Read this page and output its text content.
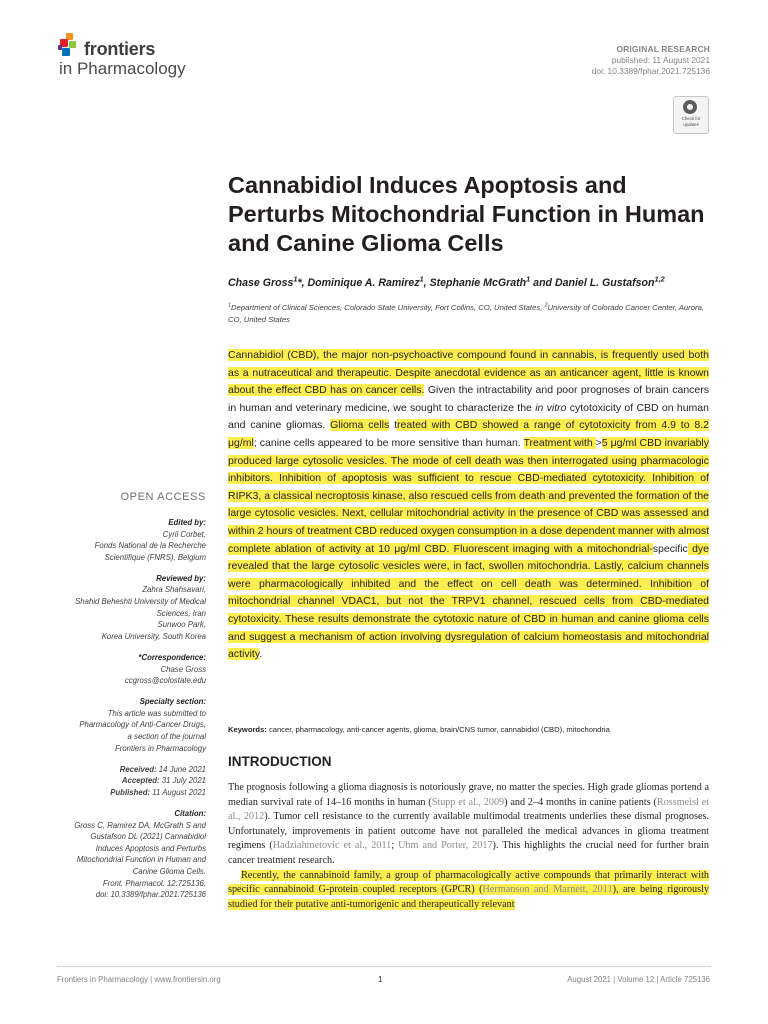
frontiers
in Pharmacology
ORIGINAL RESEARCH
published: 11 August 2021
doi: 10.3389/fphar.2021.725136
Check for updates
Cannabidiol Induces Apoptosis and Perturbs Mitochondrial Function in Human and Canine Glioma Cells
Chase Gross$^1$*, Dominique A. Ramirez$^1$, Stephanie McGrath$^1$ and Daniel L. Gustafson$^{1,2}$
$^1$Department of Clinical Sciences, Colorado State University, Fort Collins, CO, United States, $^2$University of Colorado Cancer Center, Aurora, CO, United States

Cannabidiol (CBD), the major non-psychoactive compound found in cannabis, is frequently used both as a nutraceutical and therapeutic. Despite anecdotal evidence as an anticancer agent, little is known about the effect CBD has on cancer cells. Given the intractability and poor prognoses of brain cancers in human and veterinary medicine, we sought to characterize the in vitro cytotoxicity of CBD on human and canine gliomas. Glioma cells treated with CBD showed a range of cytotoxicity from 4.9 to 8.2 μg/ml; canine cells appeared to be more sensitive than human. Treatment with >5 μg/ml CBD invariably produced large cytosolic vesicles. The mode of cell death was then interrogated using pharmacologic inhibitors. Inhibition of apoptosis was sufficient to rescue CBD-mediated cytotoxicity. Inhibition of RIPK3, a classical necroptosis kinase, also rescued cells from death and prevented the formation of the large cytosolic vesicles. Next, cellular mitochondrial activity in the presence of CBD was assessed and within 2 hours of treatment CBD reduced oxygen consumption in a dose dependent manner with almost complete ablation of activity at 10 μg/ml CBD. Fluorescent imaging with a mitochondrial-specific dye revealed that the large cytosolic vesicles were, in fact, swollen mitochondria. Lastly, calcium channels were pharmacologically inhibited and the effect on cell death was determined. Inhibition of mitochondrial channel VDAC1, but not the TRPV1 channel, rescued cells from CBD-mediated cytotoxicity. These results demonstrate the cytotoxic nature of CBD in human and canine glioma cells and suggest a mechanism of action involving dysregulation of calcium homeostasis and mitochondrial activity.

Keywords: cancer, pharmacology, anti-cancer agents, glioma, brain/CNS tumor, cannabidiol (CBD), mitochondria
OPEN ACCESS
Edited by:
Cyril Corbet,
Fonds National de la Recherche
Scientifique (FNRS), Belgium
Reviewed by:
Zahra Shahsavari,
Shahid Beheshti University of Medical
Sciences, Iran
Sunwoo Park,
Korea University, South Korea
*Correspondence:
Chase Gross
ccgross@colostate.edu
Specialty section:
This article was submitted to
Pharmacology of Anti-Cancer Drugs,
a section of the journal
Frontiers in Pharmacology
Received: 14 June 2021
Accepted: 31 July 2021
Published: 11 August 2021
Citation:
Gross C, Ramirez DA, McGrath S and
Gustafson DL (2021) Cannabidiol
Induces Apoptosis and Perturbs
Mitochondrial Function in Human and
Canine Glioma Cells.
Front. Pharmacol. 12:725136.
doi: 10.3389/fphar.2021.725136
INTRODUCTION

The prognosis following a glioma diagnosis is notoriously grave, no matter the species. High grade gliomas portend a median survival rate of 14–16 months in human (Stupp et al., 2009) and 2–4 months in canine patients (Rossmeisl et al., 2012). Tumor cell resistance to the currently available multimodal treatments underlies these dismal prognoses. Unfortunately, improvements in patient outcome have not paralleled the medical advances in glioma treatment regimens (Hadziahmetovic et al., 2011; Uhm and Porter, 2017). This highlights the crucial need for further brain cancer treatment research.

Recently, the cannabinoid family, a group of pharmacologically active compounds that primarily interact with specific cannabinoid G-protein coupled receptors (GPCR) (Hermanson and Marnett, 2011), are being rigorously studied for their putative anti-tumorigenic and therapeutically relevant

Frontiers in Pharmacology | www.frontiersin.org	1	August 2021 | Volume 12 | Article 725136
